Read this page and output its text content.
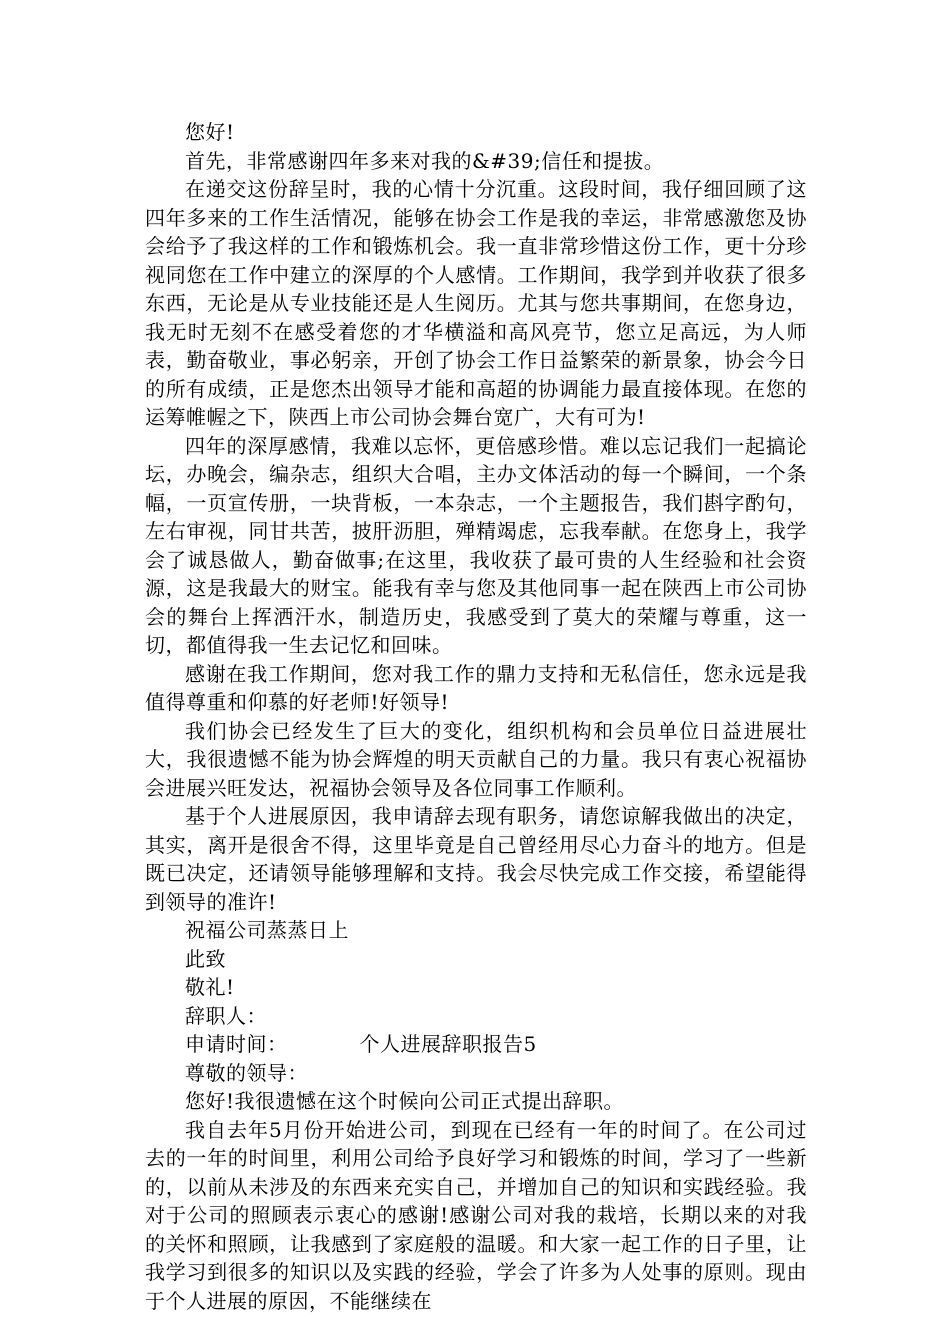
您好!

首先，非常感谢四年多来对我的&#39;信任和提拔。

在递交这份辞呈时，我的心情十分沉重。这段时间，我仔细回顾了这四年多来的工作生活情况，能够在协会工作是我的幸运，非常感激您及协会给予了我这样的工作和锻炼机会。我一直非常珍惜这份工作，更十分珍视同您在工作中建立的深厚的个人感情。工作期间，我学到并收获了很多东西，无论是从专业技能还是人生阅历。尤其与您共事期间，在您身边，我无时无刻不在感受着您的才华横溢和高风亮节，您立足高远，为人师表，勤奋敬业，事必躬亲，开创了协会工作日益繁荣的新景象，协会今日的所有成绩，正是您杰出领导才能和高超的协调能力最直接体现。在您的运筹帷幄之下，陕西上市公司协会舞台宽广，大有可为!

四年的深厚感情，我难以忘怀，更倍感珍惜。难以忘记我们一起搞论坛，办晚会，编杂志，组织大合唱，主办文体活动的每一个瞬间，一个条幅，一页宣传册，一块背板，一本杂志，一个主题报告，我们斟字酌句，左右审视，同甘共苦，披肝沥胆，殚精竭虑，忘我奉献。在您身上，我学会了诚恳做人，勤奋做事;在这里，我收获了最可贵的人生经验和社会资源，这是我最大的财宝。能我有幸与您及其他同事一起在陕西上市公司协会的舞台上挥洒汗水，制造历史，我感受到了莫大的荣耀与尊重，这一切，都值得我一生去记忆和回味。

感谢在我工作期间，您对我工作的鼎力支持和无私信任，您永远是我值得尊重和仰慕的好老师!好领导!

我们协会已经发生了巨大的变化，组织机构和会员单位日益进展壮大，我很遗憾不能为协会辉煌的明天贡献自己的力量。我只有衷心祝福协会进展兴旺发达，祝福协会领导及各位同事工作顺利。

基于个人进展原因，我申请辞去现有职务，请您谅解我做出的决定，其实，离开是很舍不得，这里毕竟是自己曾经用尽心力奋斗的地方。但是既已决定，还请领导能够理解和支持。我会尽快完成工作交接，希望能得到领导的准许!

祝福公司蒸蒸日上

此致

敬礼!

辞职人：

申请时间：	个人进展辞职报告5

尊敬的领导：

您好!我很遗憾在这个时候向公司正式提出辞职。

我自去年5月份开始进公司，到现在已经有一年的时间了。在公司过去的一年的时间里，利用公司给予良好学习和锻炼的时间，学习了一些新的，以前从未涉及的东西来充实自己，并增加自己的知识和实践经验。我对于公司的照顾表示衷心的感谢!感谢公司对我的栽培，长期以来的对我的关怀和照顾，让我感到了家庭般的温暖。和大家一起工作的日子里，让我学习到很多的知识以及实践的经验，学会了许多为人处事的原则。现由于个人进展的原因，不能继续在
